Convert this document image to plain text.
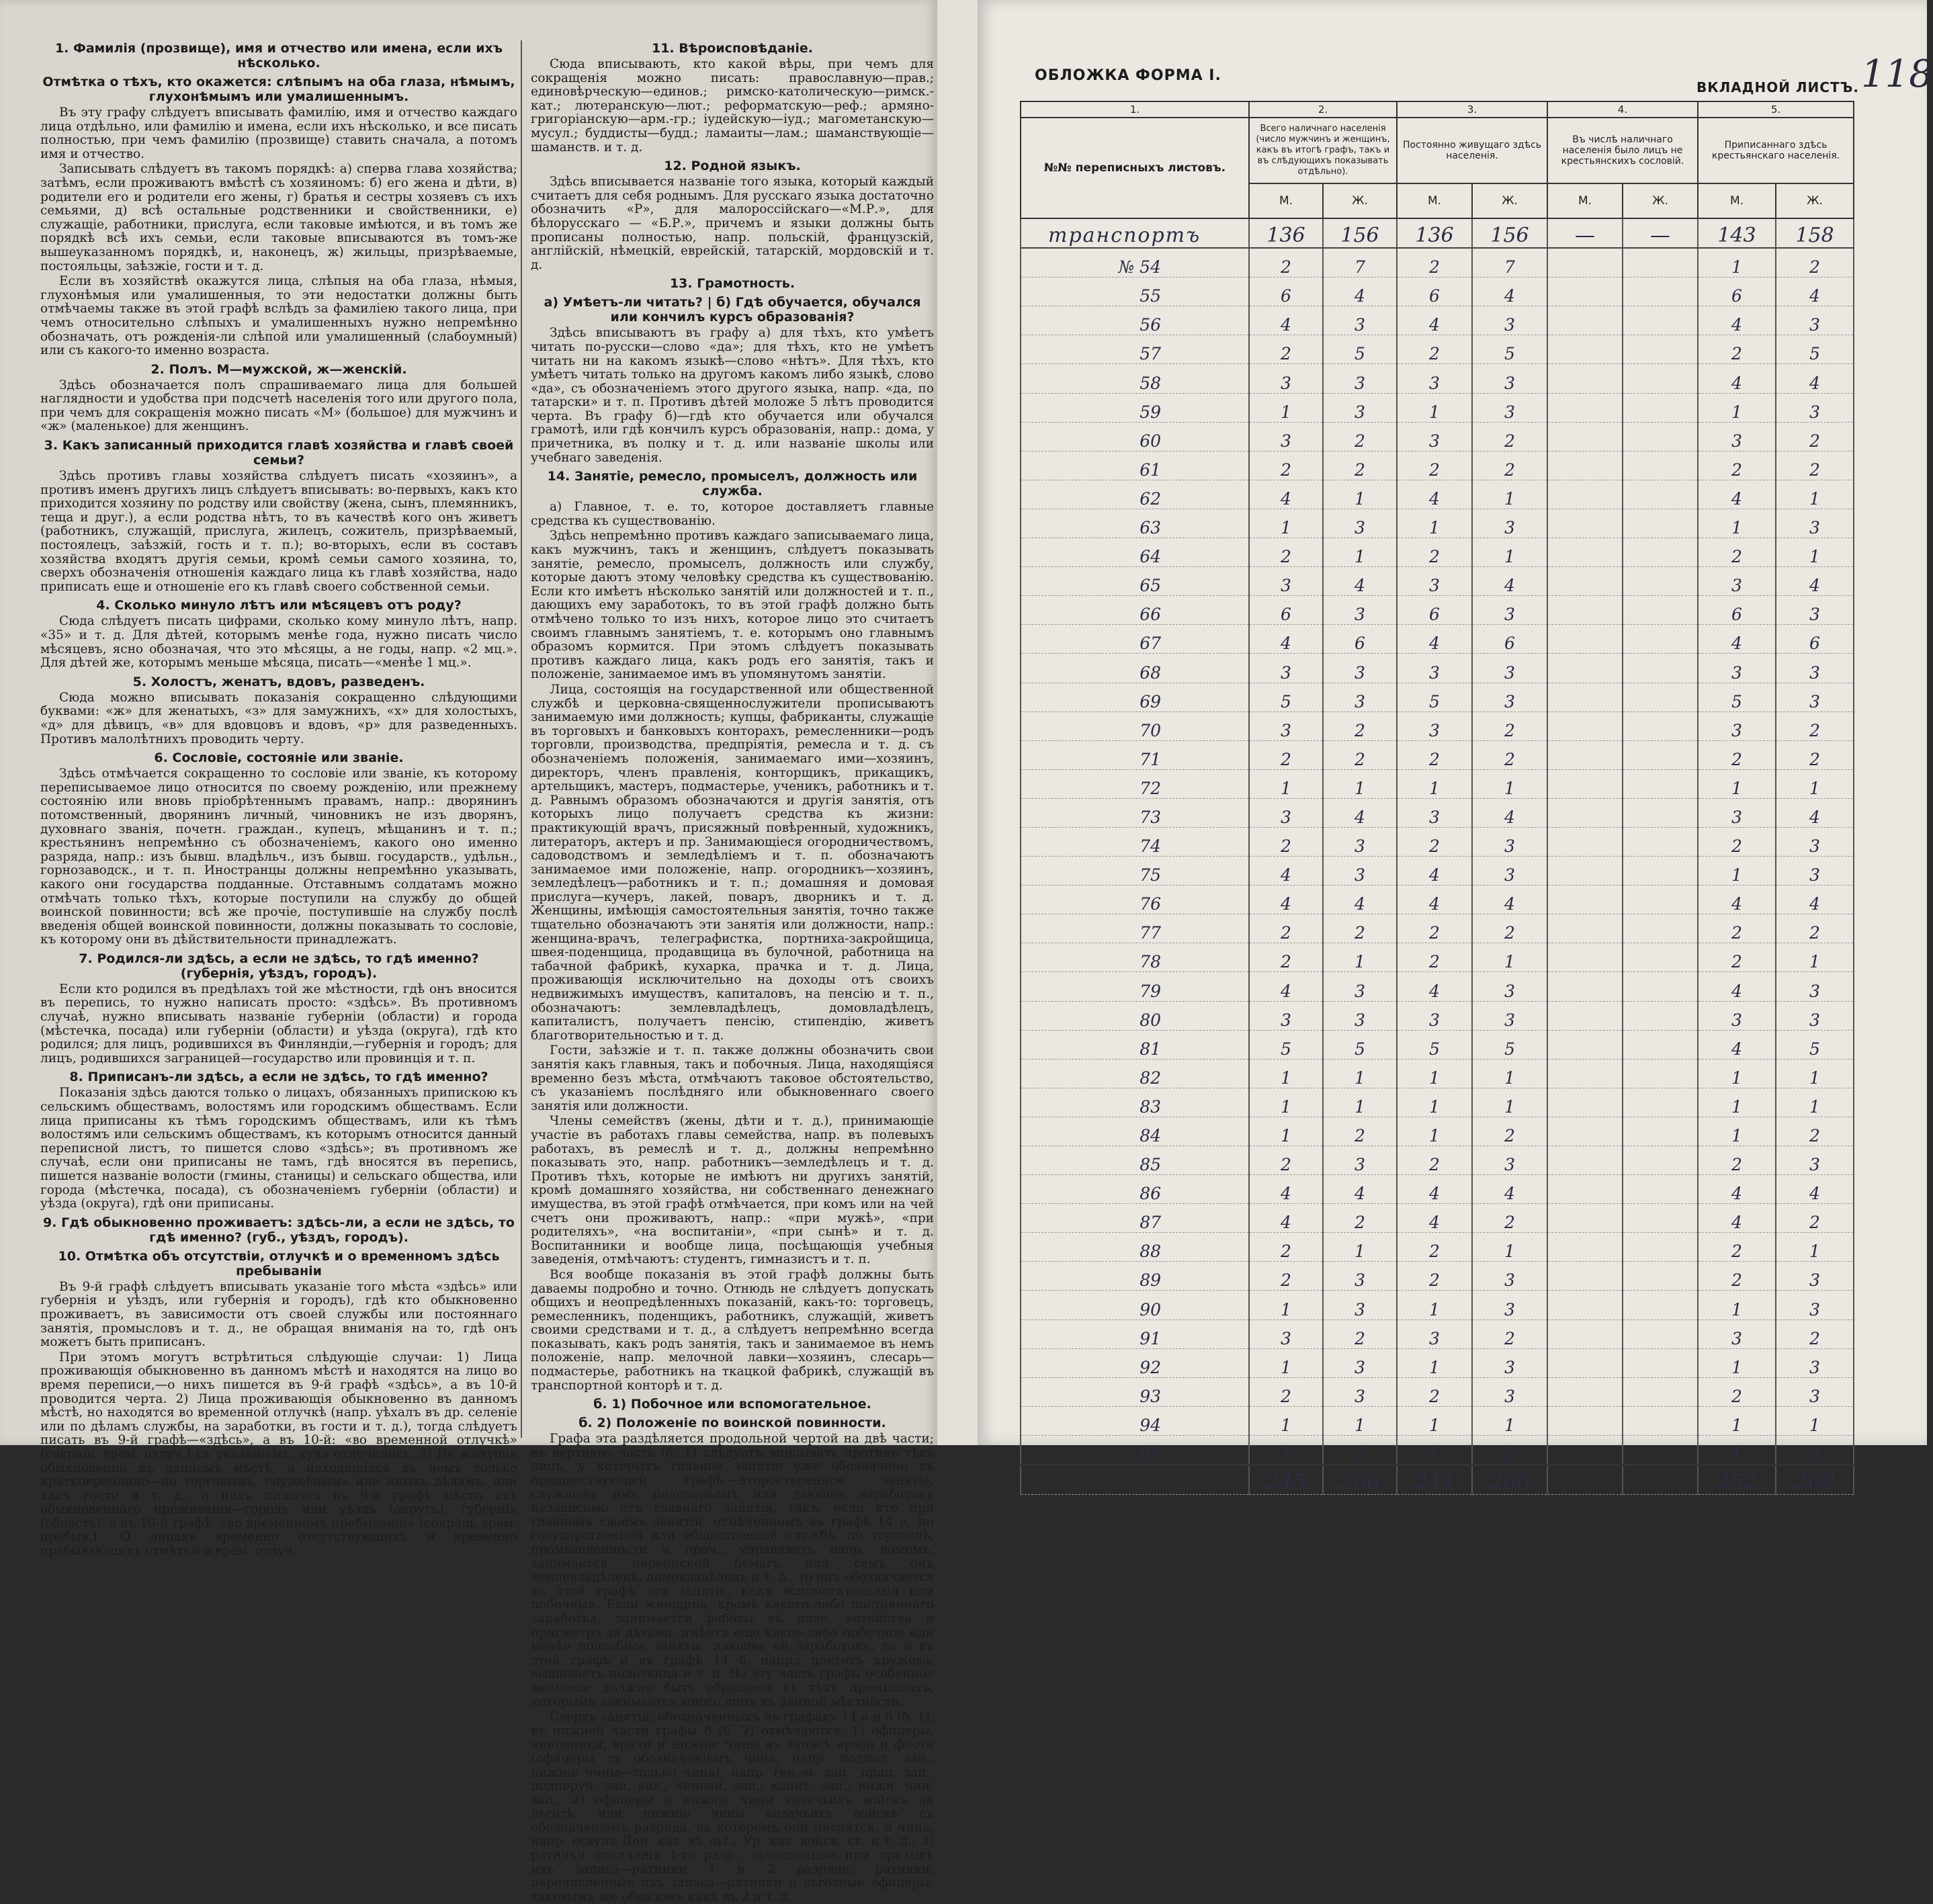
1. Фамилія (прозвище), имя и отчество или имена, если ихъ нѣсколько.
Отмѣтка о тѣхъ, кто окажется: слѣпымъ на оба глаза, нѣмымъ, глухонѣмымъ или умалишеннымъ.

Въ эту графу слѣдуетъ вписывать фамилію, имя и отчество каждаго лица отдѣльно, или фамилію и имена, если ихъ нѣсколько, и все писать полностью, при чемъ фамилію (прозвище) ставить сначала, а потомъ имя и отчество.

Записывать слѣдуетъ въ такомъ порядкѣ: а) сперва глава хозяйства; затѣмъ, если проживаютъ вмѣстѣ съ хозяиномъ: б) его жена и дѣти, в) родители его и родители его жены, г) братья и сестры хозяевъ съ ихъ семьями, д) всѣ остальные родственники и свойственники, е) служащіе, работники, прислуга, если таковые имѣются, и въ томъ же порядкѣ всѣ ихъ семьи, если таковые вписываются въ томъ-же вышеуказанномъ порядкѣ, и, наконецъ, ж) жильцы, призрѣваемые, постояльцы, заѣзжіе, гости и т. д.

Если въ хозяйствѣ окажутся лица, слѣпыя на оба глаза, нѣмыя, глухонѣмыя или умалишенныя, то эти недостатки должны быть отмѣчаемы также въ этой графѣ вслѣдъ за фамиліею такого лица, при чемъ относительно слѣпыхъ и умалишенныхъ нужно непремѣнно обозначать, отъ рожденія-ли слѣпой или умалишенный (слабоумный) или съ какого-то именно возраста.

2. Полъ. М—мужской, ж—женскій.

Здѣсь обозначается полъ спрашиваемаго лица для большей наглядности и удобства при подсчетѣ населенія того или другого пола, при чемъ для сокращенія можно писать «М» (большое) для мужчинъ и «ж» (маленькое) для женщинъ.

3. Какъ записанный приходится главѣ хозяйства и главѣ своей семьи?

Здѣсь противъ главы хозяйства слѣдуетъ писать «хозяинъ», а противъ именъ другихъ лицъ слѣдуетъ вписывать: во-первыхъ, какъ кто приходится хозяину по родству или свойству (жена, сынъ, племянникъ, теща и друг.), а если родства нѣтъ, то въ качествѣ кого онъ живетъ (работникъ, служащій, прислуга, жилецъ, сожитель, призрѣваемый, постоялецъ, заѣзжій, гость и т. п.); во-вторыхъ, если въ составъ хозяйства входятъ другія семьи, кромѣ семьи самого хозяина, то, сверхъ обозначенія отношенія каждаго лица къ главѣ хозяйства, надо приписать еще и отношеніе его къ главѣ своего собственной семьи.

4. Сколько минуло лѣтъ или мѣсяцевъ отъ роду?

Сюда слѣдуетъ писать цифрами, сколько кому минуло лѣтъ, напр. «35» и т. д. Для дѣтей, которымъ менѣе года, нужно писать число мѣсяцевъ, ясно обозначая, что это мѣсяцы, а не годы, напр. «2 мц.». Для дѣтей же, которымъ меньше мѣсяца, писать—«менѣе 1 мц.».

5. Холостъ, женатъ, вдовъ, разведенъ.

Сюда можно вписывать показанія сокращенно слѣдующими буквами: «ж» для женатыхъ, «з» для замужнихъ, «х» для холостыхъ, «д» для дѣвицъ, «в» для вдовцовъ и вдовъ, «р» для разведенныхъ. Противъ малолѣтнихъ проводить черту.

6. Сословіе, состояніе или званіе.

Здѣсь отмѣчается сокращенно то сословіе или званіе, къ которому переписываемое лицо относится по своему рожденію, или прежнему состоянію или вновь пріобрѣтеннымъ правамъ, напр.: дворянинъ потомственный, дворянинъ личный, чиновникъ не изъ дворянъ, духовнаго званія, почетн. граждан., купецъ, мѣщанинъ и т. п.; крестьянинъ непремѣнно съ обозначеніемъ, какого оно именно разряда, напр.: изъ бывш. владѣльч., изъ бывш. государств., удѣльн., горнозаводск., и т. п. Иностранцы должны непремѣнно указывать, какого они государства подданные. Отставнымъ солдатамъ можно отмѣчать только тѣхъ, которые поступили на службу до общей воинской повинности; всѣ же прочіе, поступившіе на службу послѣ введенія общей воинской повинности, должны показывать то сословіе, къ которому они въ дѣйствительности принадлежатъ.

7. Родился-ли здѣсь, а если не здѣсь, то гдѣ именно? (губернія, уѣздъ, городъ).

Если кто родился въ предѣлахъ той же мѣстности, гдѣ онъ вносится въ перепись, то нужно написать просто: «здѣсь». Въ противномъ случаѣ, нужно вписывать названіе губерніи (области) и города (мѣстечка, посада) или губерніи (области) и уѣзда (округа), гдѣ кто родился; для лицъ, родившихся въ Финляндіи,—губернія и городъ; для лицъ, родившихся заграницей—государство или провинція и т. п.

8. Приписанъ-ли здѣсь, а если не здѣсь, то гдѣ именно?

Показанія здѣсь даются только о лицахъ, обязанныхъ припискою къ сельскимъ обществамъ, волостямъ или городскимъ обществамъ. Если лица приписаны къ тѣмъ городскимъ обществамъ, или къ тѣмъ волостямъ или сельскимъ обществамъ, къ которымъ относится данный переписной листъ, то пишется слово «здѣсь»; въ противномъ же случаѣ, если они приписаны не тамъ, гдѣ вносятся въ перепись, пишется названіе волости (гмины, станицы) и сельскаго общества, или города (мѣстечка, посада), съ обозначеніемъ губерніи (области) и уѣзда (округа), гдѣ они приписаны.

9. Гдѣ обыкновенно проживаетъ: здѣсь-ли, а если не здѣсь, то гдѣ именно? (губ., уѣздъ, городъ).
10. Отмѣтка объ отсутствіи, отлучкѣ и о временномъ здѣсь пребываніи

Въ 9-й графѣ слѣдуетъ вписывать указаніе того мѣста «здѣсь» или губернія и уѣздъ, или губернія и городъ), гдѣ кто обыкновенно проживаетъ, въ зависимости отъ своей службы или постояннаго занятія, промысловъ и т. д., не обращая вниманія на то, гдѣ онъ можетъ быть приписанъ.

При этомъ могутъ встрѣтиться слѣдующіе случаи: 1) Лица проживающія обыкновенно въ данномъ мѣстѣ и находятся на лицо во время переписи,—о нихъ пишется въ 9-й графѣ «здѣсь», а въ 10-й проводится черта. 2) Лица проживающія обыкновенно въ данномъ мѣстѣ, но находятся во временной отлучкѣ (напр. уѣхалъ въ др. селеніе или по дѣламъ службы, на заработки, въ гости и т. д.), тогда слѣдуетъ писать въ 9-й графѣ—«здѣсь», а въ 10-й: «во временной отлучкѣ» (сокращ. врем. отлуч.) съ указаніемъ, куда отлучились. 3) Не живущія обыкновенно въ данномъ мѣстѣ, а находящіяся въ немъ только кратковременно—по торговымъ, служебнымъ или иныхъ дѣламъ, или какъ гости и т. д., о нихъ пишется въ 9-й графѣ мѣсто ихъ обыкновеннаго проживанія—городъ или уѣздъ (округъ), губернія (область), а въ 10-й графѣ: «во временномъ пребываніи» (сокращ. врем. пребыв.). О лицахъ временно отсутствующихъ и временно пребывающихъ отмѣтки о врем. отлуч.

11. Вѣроисповѣданіе.

Сюда вписывають, кто какой вѣры, при чемъ для сокращенія можно писать: православную—прав.; единовѣрческую—единов.; римско-католическую—римск.-кат.; лютеранскую—лют.; реформатскую—реф.; армяно-григоріанскую—арм.-гр.; іудейскую—іуд.; магометанскую—мусул.; буддисты—будд.; ламаиты—лам.; шаманствующіе—шаманств. и т. д.

12. Родной языкъ.

Здѣсь вписывается названіе того языка, который каждый считаетъ для себя роднымъ. Для русскаго языка достаточно обозначить «Р», для малороссійскаго—«М.Р.», для бѣлорусскаго — «Б.Р.», причемъ и языки должны быть прописаны полностью, напр. польскій, французскій, англійскій, нѣмецкій, еврейскій, татарскій, мордовскій и т. д.

13. Грамотность.
а) Умѣетъ-ли читать? | б) Гдѣ обучается, обучался или кончилъ курсъ образованія?

Здѣсь вписываютъ въ графу а) для тѣхъ, кто умѣетъ читать по-русски—слово «да»; для тѣхъ, кто не умѣетъ читать ни на какомъ языкѣ—слово «нѣтъ». Для тѣхъ, кто умѣетъ читать только на другомъ какомъ либо языкѣ, слово «да», съ обозначеніемъ этого другого языка, напр. «да, по татарски» и т. п. Противъ дѣтей моложе 5 лѣтъ проводится черта. Въ графу б)—гдѣ кто обучается или обучался грамотѣ, или гдѣ кончилъ курсъ образованія, напр.: дома, у причетника, въ полку и т. д. или названіе школы или учебнаго заведенія.

14. Занятіе, ремесло, промыселъ, должность или служба.

а) Главное, т. е. то, которое доставляетъ главные средства къ существованію.

Здѣсь непремѣнно противъ каждаго записываемаго лица, какъ мужчинъ, такъ и женщинъ, слѣдуетъ показывать занятіе, ремесло, промыселъ, должность или службу, которые даютъ этому человѣку средства къ существованію. Если кто имѣетъ нѣсколько занятій или должностей и т. п., дающихъ ему заработокъ, то въ этой графѣ должно быть отмѣчено только то изъ нихъ, которое лицо это считаетъ своимъ главнымъ занятіемъ, т. е. которымъ оно главнымъ образомъ кормится. При этомъ слѣдуетъ показывать противъ каждаго лица, какъ родъ его занятія, такъ и положеніе, занимаемое имъ въ упомянутомъ занятіи.

Лица, состоящія на государственной или общественной службѣ и церковна-священнослужители прописываютъ занимаемую ими должность; купцы, фабриканты, служащіе въ торговыхъ и банковыхъ конторахъ, ремесленники—родъ торговли, производства, предпріятія, ремесла и т. д. съ обозначеніемъ положенія, занимаемаго ими—хозяинъ, директоръ, членъ правленія, конторщикъ, прикащикъ, артельщикъ, мастеръ, подмастерье, ученикъ, работникъ и т. д. Равнымъ образомъ обозначаются и другія занятія, отъ которыхъ лицо получаетъ средства къ жизни: практикующій врачъ, присяжный повѣренный, художникъ, литераторъ, актеръ и пр. Занимающіеся огородничествомъ, садоводствомъ и земледѣліемъ и т. п. обозначаютъ занимаемое ими положеніе, напр. огородникъ—хозяинъ, земледѣлецъ—работникъ и т. п.; домашняя и домовая прислуга—кучеръ, лакей, поваръ, дворникъ и т. д. Женщины, имѣющія самостоятельныя занятія, точно также тщательно обозначаютъ эти занятія или должности, напр.: женщина-врачъ, телеграфистка, портниха-закройщица, швея-поденщица, продавщица въ булочной, работница на табачной фабрикѣ, кухарка, прачка и т. д. Лица, проживающія исключительно на доходы отъ своихъ недвижимыхъ имуществъ, капиталовъ, на пенсію и т. п., обозначаютъ: землевладѣлецъ, домовладѣлецъ, капиталистъ, получаетъ пенсію, стипендію, живетъ благотворительностью и т. д.

Гости, заѣзжіе и т. п. также должны обозначить свои занятія какъ главныя, такъ и побочныя. Лица, находящіяся временно безъ мѣста, отмѣчаютъ таковое обстоятельство, съ указаніемъ послѣдняго или обыкновеннаго своего занятія или должности.

Члены семействъ (жены, дѣти и т. д.), принимающіе участіе въ работахъ главы семейства, напр. въ полевыхъ работахъ, въ ремеслѣ и т. д., должны непремѣнно показывать это, напр. работникъ—земледѣлецъ и т. д. Противъ тѣхъ, которые не имѣютъ ни другихъ занятій, кромѣ домашняго хозяйства, ни собственнаго денежнаго имущества, въ этой графѣ отмѣчается, при комъ или на чей счетъ они проживаютъ, напр.: «при мужѣ», «при родителяхъ», «на воспитаніи», «при сынѣ» и т. д. Воспитанники и вообще лица, посѣщающія учебныя заведенія, отмѣчаютъ: студентъ, гимназистъ и т. п.

Вся вообще показанія въ этой графѣ должны быть даваемы подробно и точно. Отнюдь не слѣдуетъ допускать общихъ и неопредѣленныхъ показаній, какъ-то: торговецъ, ремесленникъ, поденщикъ, работникъ, служащій, живетъ своими средствами и т. д., а слѣдуетъ непремѣнно всегда показывать, какъ родъ занятія, такъ и занимаемое въ немъ положеніе, напр. мелочной лавки—хозяинъ, слесарь—подмастерье, работникъ на ткацкой фабрикѣ, служащій въ транспортной конторѣ и т. д.

б. 1) Побочное или вспомогательное.
б. 2) Положеніе по воинской повинности.

Графа эта раздѣляется продольной чертой на двѣ части; въ верхнюю часть (б. 1) слѣдуетъ вписывать противъ тѣхъ лицъ, у которыхъ главное занятіе уже обозначено въ предшествующей графѣ,—второстепенное занятіе, служащее имъ подспорьемъ или дающее заработокъ независимо отъ главнаго занятія, такъ: если кто при главномъ своемъ занятіи, отмѣченномъ въ графѣ 14 а, по государственной или общественной службѣ, по торговлѣ, промышленности и проч., управляетъ напр. домомъ, занимается перепиской бумагъ или самъ онъ землевладѣлецъ, домовладѣлецъ и т. д., то онъ обозначается въ этой графѣ это занятіе, какъ вспомогательныя или побочныя. Если женщина, кромѣ какого-либо постояннаго заработка, занимается работы въ поле, хозяйства и присмотра за дѣтьми, имѣетъ еще какое-либо побочное или менѣе подсобное занятіе, дающее ей заработокъ, то и въ этой графѣ и въ графѣ 14 б, напр.: плететъ кружева, вышиваетъ полотенца и т. п. На эту часть графы особенное вниманіе должно быть обращено въ тѣхъ промыслахъ, которыми занимается много лицъ въ данной мѣстности.

Сверхъ занятій, обозначенныхъ въ графахъ 14 а и б (б. 1), въ нижней части графы б (б. 2) отмѣчаются: 1) офицеры, чиновники, врачи и нижніе чины въ запасѣ арміи и флота (офицеры съ обозначеніемъ чина, напр. подпол. зап., нижніе чины—только чина), напр. ген.-м. зап., прап. зап., подпоруч. зап. кав., чиновн. зап., капит. зап., нижн. чин. зап.; 2) офицеры и нижніе чины казачьихъ войскъ на льготѣ, или нижніе чины казачьихъ войскъ съ обозначеніемъ разряда, въ которомъ они числятся, и чина, напр. есаулъ Дон. каз. въ льг., Ур. каз. войск. ст. и т. д.; 3) ратники ополченія 1-го разр., зачисленные при призывѣ изъ запаса—ратники 1 и 2 разряда; ратники, перечисленные изъ запаса—ратники и льготные офицеры; таковымъ же образомъ какъ въ 2 и т. д.

ОБЛОЖКА ФОРМА I.
ВКЛАДНОЙ ЛИСТЪ. 118
1.	2.		3.		4.		5.	
№№ переписныхъ листовъ.	Всего наличнаго населенія (число мужчинъ и женщинъ, какъ въ итогѣ графъ, такъ и въ слѣдующихъ показывать отдѣльно).		Постоянно живущаго здѣсь населенія.		Въ числѣ наличнаго населенія было лицъ не крестьянскихъ сословій.		Приписаннаго здѣсь крестьянскаго населенія.	
	М.	Ж.	М.	Ж.	М.	Ж.	М.	Ж.
транспортъ	136	156	136	156	—	—	143	158
№ 54	2	7	2	7			1	2
55	6	4	6	4			6	4
56	4	3	4	3			4	3
57	2	5	2	5			2	5
58	3	3	3	3			4	4
59	1	3	1	3			1	3
60	3	2	3	2			3	2
61	2	2	2	2			2	2
62	4	1	4	1			4	1
63	1	3	1	3			1	3
64	2	1	2	1			2	1
65	3	4	3	4			3	4
66	6	3	6	3			6	3
67	4	6	4	6			4	6
68	3	3	3	3			3	3
69	5	3	5	3			5	3
70	3	2	3	2			3	2
71	2	2	2	2			2	2
72	1	1	1	1			1	1
73	3	4	3	4			3	4
74	2	3	2	3			2	3
75	4	3	4	3			1	3
76	4	4	4	4			4	4
77	2	2	2	2			2	2
78	2	1	2	1			2	1
79	4	3	4	3			4	3
80	3	3	3	3			3	3
81	5	5	5	5			4	5
82	1	1	1	1			1	1
83	1	1	1	1			1	1
84	1	2	1	2			1	2
85	2	3	2	3			2	3
86	4	4	4	4			4	4
87	4	2	4	2			4	2
88	2	1	2	1			2	1
89	2	3	2	3			2	3
90	1	3	1	3			1	3
91	3	2	3	2			3	2
92	1	3	1	3			1	3
93	2	3	2	3			2	3
94	1	1	1	1			1	1
95	1	2	1	2			1	2
	245	266	244	266			252	269
